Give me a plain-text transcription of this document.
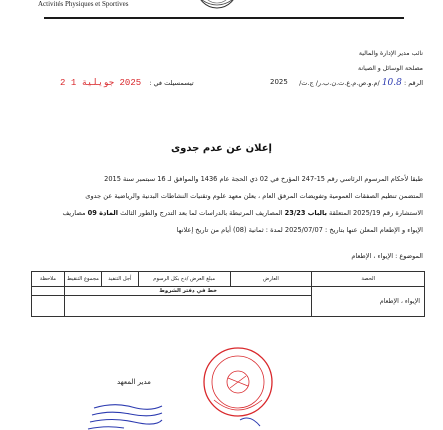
Activités Physiques et Sportives
نائب مدير الإدارة والمالية
مصلحة الوسائل و الصيانة
الرقم : 10.8 /م.و.ص.م.ع.ت.ن.ب.ر/ ج.ت/
2025
تيسمسيلت في : 2025 جويلية 1 2
إعلان عن عدم جدوى
طبقا لأحكام المرسوم الرئاسي رقم 15-247 المؤرخ في 02 ذي الحجة عام 1436 والموافق لـ 16 سبتمبر سنة 2015
المتضمن تنظيم الصفقات العمومية وتفويضات المرفق العام ، يعلن معهد علوم وتقنيات النشاطات البدنية والرياضية عن جدوى
الاستشارة رقم 2025/19 المتعلقة بالباب 23/23 المصاريف المرتبطة بالدراسات لما بعد التدرج والطور الثالث المادة 09 مصاريف
الإيواء و الإطعام المعلن عنها بتاريخ : 2025/07/07 لمدة : ثمانية (08) أيام من تاريخ إعلانها
الموضوع : الإيواء ، الإطعام
الحصة	العارض	مبلغ العرض /دج بكل الرسوم	أجل التنفيذ	مجموع التنقيط	ملاحظة
الإيواء ، الإطعام	خط في دفتر الشروط				

مدير المعهد
